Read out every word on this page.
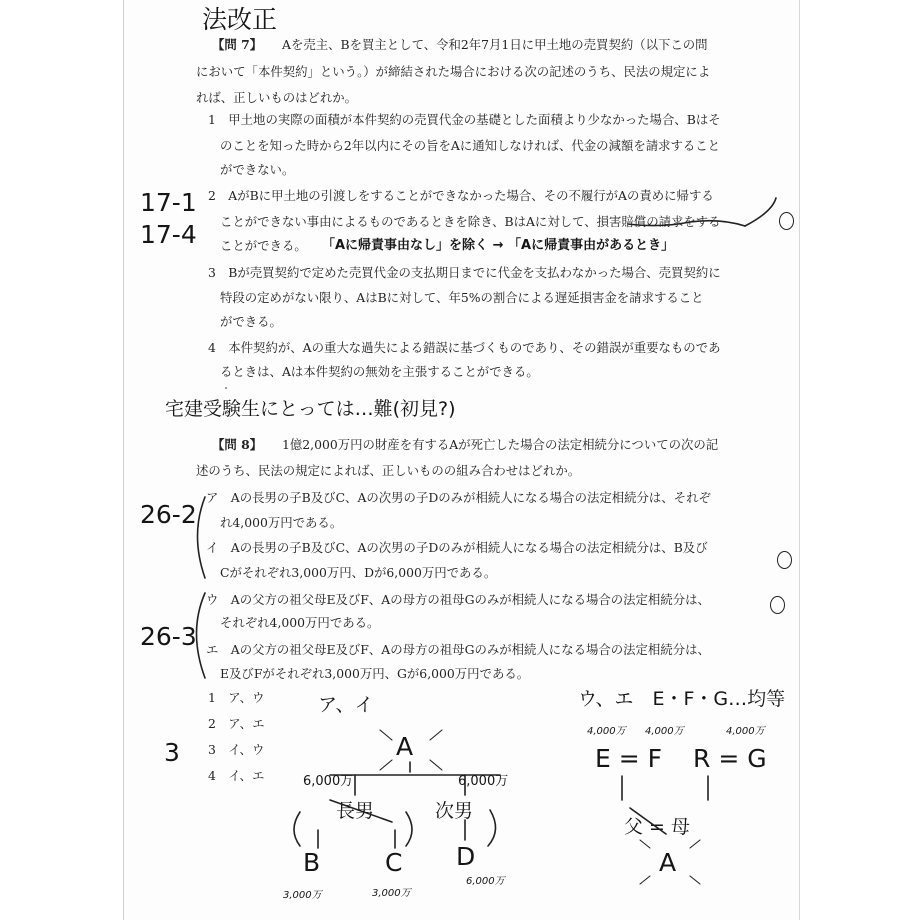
法改正
【問 7】 Aを売主、Bを買主として、令和2年7月1日に甲土地の売買契約（以下この問
において「本件契約」という。）が締結された場合における次の記述のうち、民法の規定によ
れば、正しいものはどれか。
1　甲土地の実際の面積が本件契約の売買代金の基礎とした面積より少なかった場合、Bはそ
のことを知った時から2年以内にその旨をAに通知しなければ、代金の減額を請求すること
ができない。
17-1
17-4
2　AがBに甲土地の引渡しをすることができなかった場合、その不履行がAの責めに帰する
ことができない事由によるものであるときを除き、BはAに対して、損害賠償の請求をする
ことができる。 「Aに帰責事由なし」を除く → 「Aに帰責事由があるとき」
3　Bが売買契約で定めた売買代金の支払期日までに代金を支払わなかった場合、売買契約に
特段の定めがない限り、AはBに対して、年5%の割合による遅延損害金を請求すること
ができる。
4　本件契約が、Aの重大な過失による錯誤に基づくものであり、その錯誤が重要なものであ
るときは、Aは本件契約の無効を主張することができる。
宅建受験生にとっては…難(初見?)
【問 8】 1億2,000万円の財産を有するAが死亡した場合の法定相続分についての次の記
述のうち、民法の規定によれば、正しいものの組み合わせはどれか。
26-2
26-3
ア　Aの長男の子B及びC、Aの次男の子Dのみが相続人になる場合の法定相続分は、それぞ
れ4,000万円である。
イ　Aの長男の子B及びC、Aの次男の子Dのみが相続人になる場合の法定相続分は、B及び
Cがそれぞれ3,000万円、Dが6,000万円である。
ウ　Aの父方の祖父母E及びF、Aの母方の祖母Gのみが相続人になる場合の法定相続分は、
それぞれ4,000万円である。
エ　Aの父方の祖父母E及びF、Aの母方の祖母Gのみが相続人になる場合の法定相続分は、
E及びFがそれぞれ3,000万円、Gが6,000万円である。
1　ア、ウ
2　ア、エ
3　イ、ウ
4　イ、エ
3
ア、イ
A
6,000万	6,000万
長男	次男
B	C D
3,000万	3,000万
6,000万
ウ、エ　E・F・G…均等
4,000万 4,000万	4,000万
E = F R = G
父 = 母
A
